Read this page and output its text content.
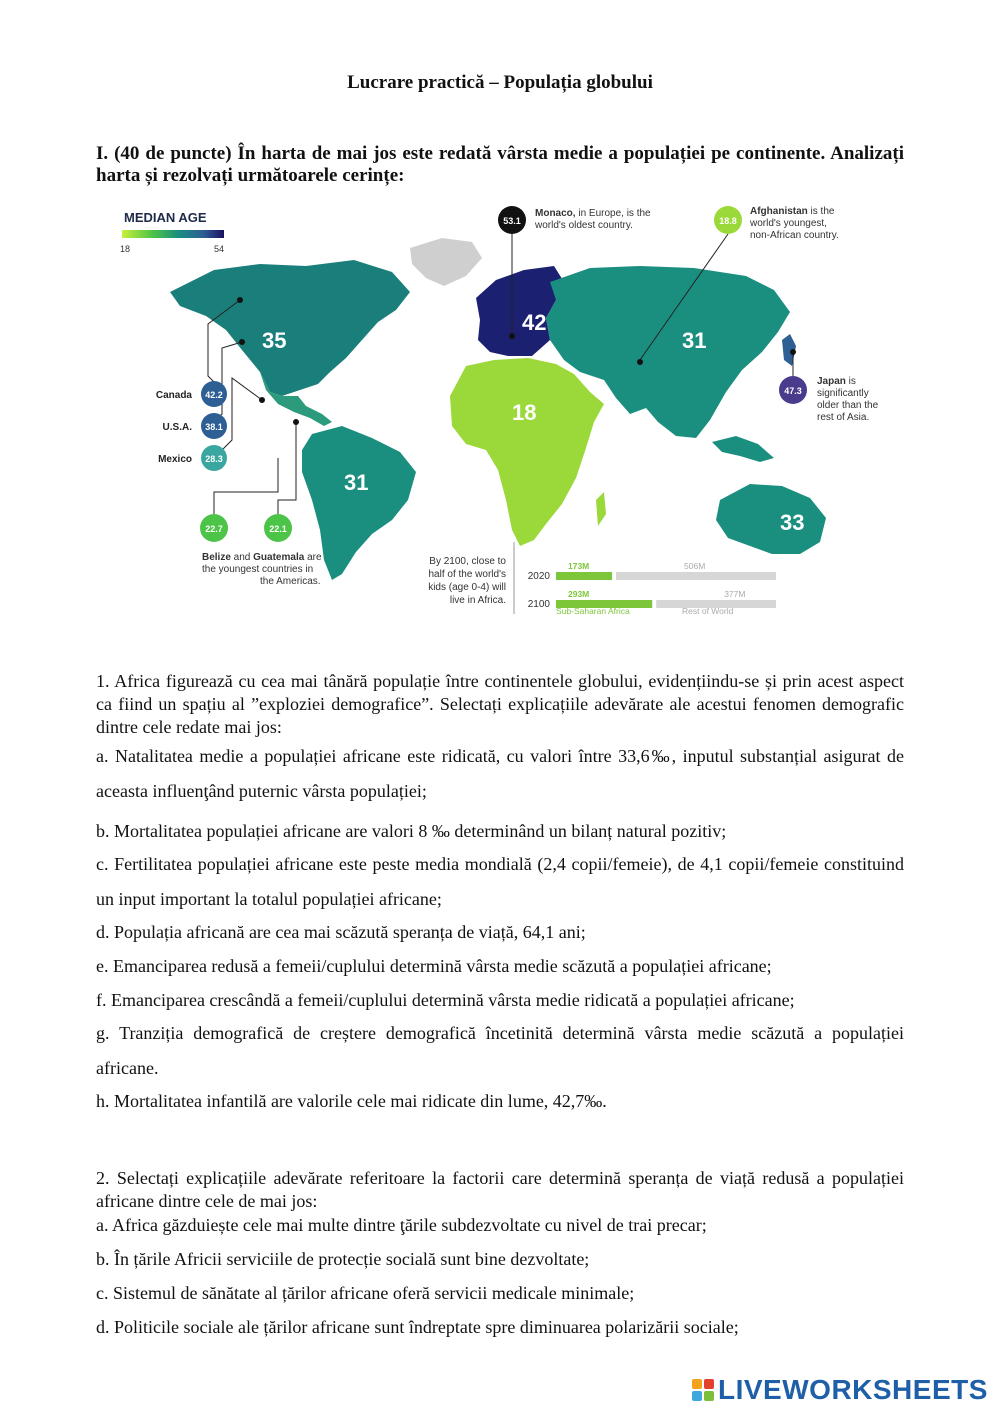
Lucrare practică – Populația globului
I. (40 de puncte) În harta de mai jos este redată vârsta medie a populației pe continente. Analizați harta și rezolvați următoarele cerințe:
MEDIAN AGE
18	54
35
42
31
18
31
33
53.1
Monaco, in Europe, is the
world's oldest country.	18.8
Afghanistan is the
world's youngest,
non-African country.
47.3
Japan is
significantly
older than the
rest of Asia.
42.2
Canada
38.1
U.S.A.
28.3
Mexico
22.7	22.1
Belize and Guatemala are
the youngest countries in
the Americas.
By 2100, close to
half of the world's
kids (age 0-4) will
live in Africa.
2020
173M	506M
2100
293M	377M
Sub-Saharan Africa	Rest of World
1. Africa figurează cu cea mai tânără populație între continentele globului, evidențiindu-se și prin acest aspect ca fiind un spațiu al ”exploziei demografice”. Selectați explicațiile adevărate ale acestui fenomen demografic dintre cele redate mai jos:
a. Natalitatea medie a populației africane este ridicată, cu valori între 33,6‰, inputul substanțial asigurat de aceasta influenţând puternic vârsta populației;
b. Mortalitatea populației africane are valori 8 ‰ determinând un bilanț natural pozitiv;
c. Fertilitatea populației africane este peste media mondială (2,4 copii/femeie), de 4,1 copii/femeie constituind un input important la totalul populației africane;
d. Populația africană are cea mai scăzută speranța de viață, 64,1 ani;
e. Emanciparea redusă a femeii/cuplului determină vârsta medie scăzută a populației africane;
f. Emanciparea crescândă a femeii/cuplului determină vârsta medie ridicată a populației africane;
g. Tranziția demografică de creștere demografică încetinită determină vârsta medie scăzută a populației africane.
h. Mortalitatea infantilă are valorile cele mai ridicate din lume, 42,7‰.
2. Selectați explicațiile adevărate referitoare la factorii care determină speranța de viață redusă a populației africane dintre cele de mai jos:
a. Africa găzduiește cele mai multe dintre ţările subdezvoltate cu nivel de trai precar;
b. În țările Africii serviciile de protecție socială sunt bine dezvoltate;
c. Sistemul de sănătate al țărilor africane oferă servicii medicale minimale;
d. Politicile sociale ale țărilor africane sunt îndreptate spre diminuarea polarizării sociale;
LIVEWORKSHEETS
